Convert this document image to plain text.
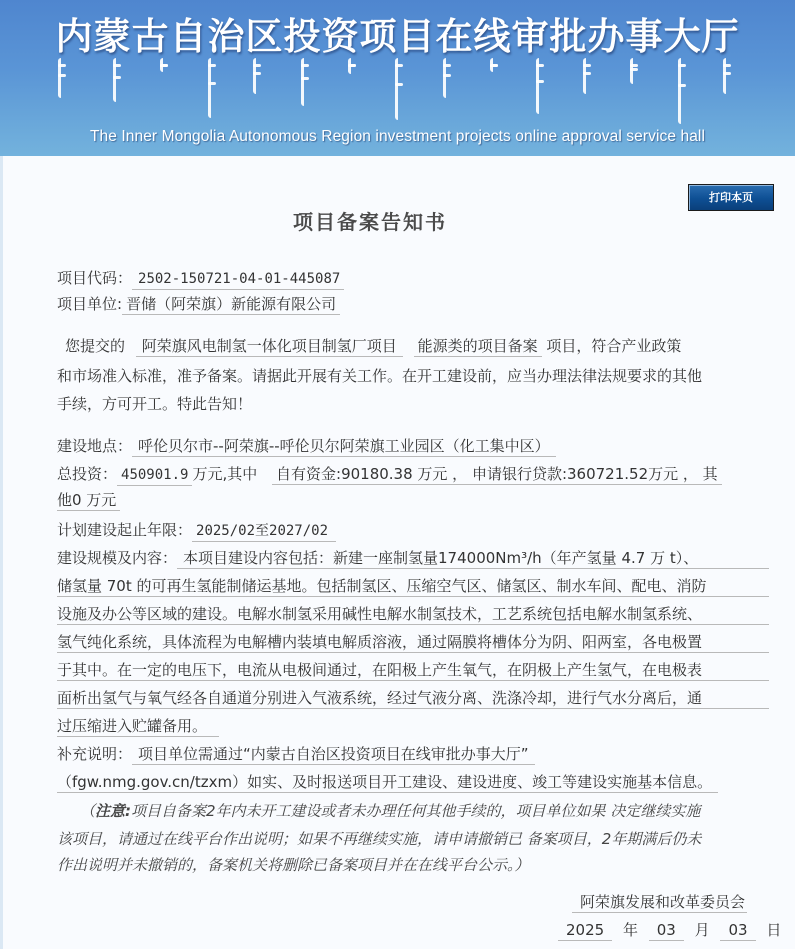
内蒙古自治区投资项目在线审批办事大厅
The Inner Mongolia Autonomous Region investment projects online approval service hall
打印本页
项目备案告知书
项目代码： 2502-150721-04-01-445087
项目单位: 晋储（阿荣旗）新能源有限公司
您提交的 阿荣旗风电制氢一体化项目制氢厂项目 能源类的项目备案 项目，符合产业政策
和市场准入标准，准予备案。请据此开展有关工作。在开工建设前，应当办理法律法规要求的其他
手续，方可开工。特此告知！
建设地点： 呼伦贝尔市--阿荣旗--呼伦贝尔阿荣旗工业园区（化工集中区）
总投资： 450901.9 万元,其中 自有资金:90180.38 万元 ， 申请银行贷款:360721.52万元 ， 其
他0 万元
计划建设起止年限： 2025/02至2027/02
建设规模及内容： 本项目建设内容包括：新建一座制氢量174000Nm³/h（年产氢量 4.7 万 t）、
储氢量 70t 的可再生氢能制储运基地。包括制氢区、压缩空气区、储氢区、制水车间、配电、消防
设施及办公等区域的建设。电解水制氢采用碱性电解水制氢技术，工艺系统包括电解水制氢系统、
氢气纯化系统，具体流程为电解槽内装填电解质溶液，通过隔膜将槽体分为阴、阳两室，各电极置
于其中。在一定的电压下，电流从电极间通过，在阳极上产生氧气，在阴极上产生氢气，在电极表
面析出氢气与氧气经各自通道分别进入气液系统，经过气液分离、洗涤冷却，进行气水分离后，通
过压缩进入贮罐备用。
补充说明： 项目单位需通过“内蒙古自治区投资项目在线审批办事大厅”
（fgw.nmg.gov.cn/tzxm）如实、及时报送项目开工建设、建设进度、竣工等建设实施基本信息。
（注意:项目自备案2年内未开工建设或者未办理任何其他手续的，项目单位如果 决定继续实施
该项目，请通过在线平台作出说明；如果不再继续实施，请申请撤销已 备案项目，2年期满后仍未
作出说明并未撤销的，备案机关将删除已备案项目并在在线平台公示。）
阿荣旗发展和改革委员会
2025 年 03 月 03 日
